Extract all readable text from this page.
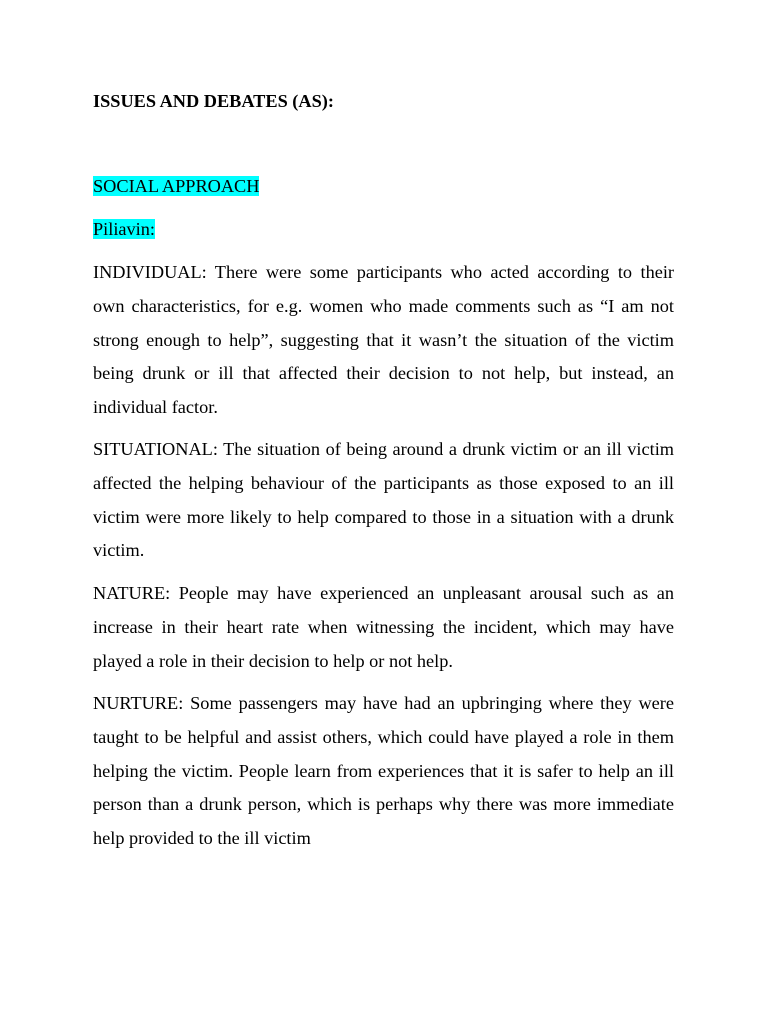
ISSUES AND DEBATES (AS):

SOCIAL APPROACH

Piliavin:

INDIVIDUAL: There were some participants who acted according to their own characteristics, for e.g. women who made comments such as “I am not strong enough to help”, suggesting that it wasn’t the situation of the victim being drunk or ill that affected their decision to not help, but instead, an individual factor.

SITUATIONAL: The situation of being around a drunk victim or an ill victim affected the helping behaviour of the participants as those exposed to an ill victim were more likely to help compared to those in a situation with a drunk victim.

NATURE: People may have experienced an unpleasant arousal such as an increase in their heart rate when witnessing the incident, which may have played a role in their decision to help or not help.

NURTURE: Some passengers may have had an upbringing where they were taught to be helpful and assist others, which could have played a role in them helping the victim. People learn from experiences that it is safer to help an ill person than a drunk person, which is perhaps why there was more immediate help provided to the ill victim
